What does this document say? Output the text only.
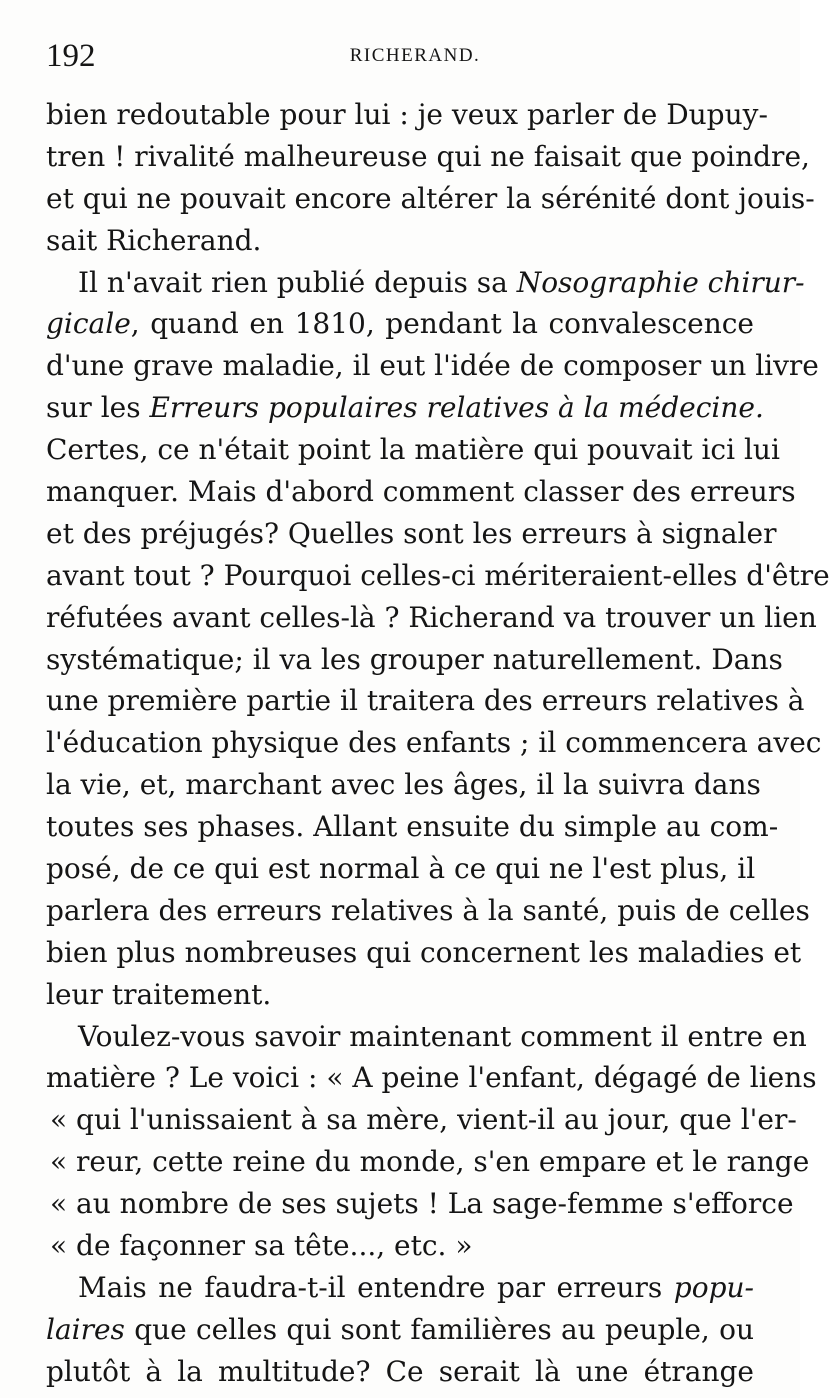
192	RICHERAND.
bien redoutable pour lui : je veux parler de Dupuy-
tren ! rivalité malheureuse qui ne faisait que poindre,
et qui ne pouvait encore altérer la sérénité dont jouis-
sait Richerand.
Il n'avait rien publié depuis sa Nosographie chirur-
gicale, quand en 1810, pendant la convalescence
d'une grave maladie, il eut l'idée de composer un livre
sur les Erreurs populaires relatives à la médecine.
Certes, ce n'était point la matière qui pouvait ici lui
manquer. Mais d'abord comment classer des erreurs
et des préjugés? Quelles sont les erreurs à signaler
avant tout ? Pourquoi celles-ci mériteraient-elles d'être
réfutées avant celles-là ? Richerand va trouver un lien
systématique; il va les grouper naturellement. Dans
une première partie il traitera des erreurs relatives à
l'éducation physique des enfants ; il commencera avec
la vie, et, marchant avec les âges, il la suivra dans
toutes ses phases. Allant ensuite du simple au com-
posé, de ce qui est normal à ce qui ne l'est plus, il
parlera des erreurs relatives à la santé, puis de celles
bien plus nombreuses qui concernent les maladies et
leur traitement.
Voulez-vous savoir maintenant comment il entre en
matière ? Le voici : « A peine l'enfant, dégagé de liens
« qui l'unissaient à sa mère, vient-il au jour, que l'er-
« reur, cette reine du monde, s'en empare et le range
« au nombre de ses sujets ! La sage-femme s'efforce
« de façonner sa tête..., etc. »
Mais ne faudra-t-il entendre par erreurs popu-
laires que celles qui sont familières au peuple, ou
plutôt à la multitude? Ce serait là une étrange
